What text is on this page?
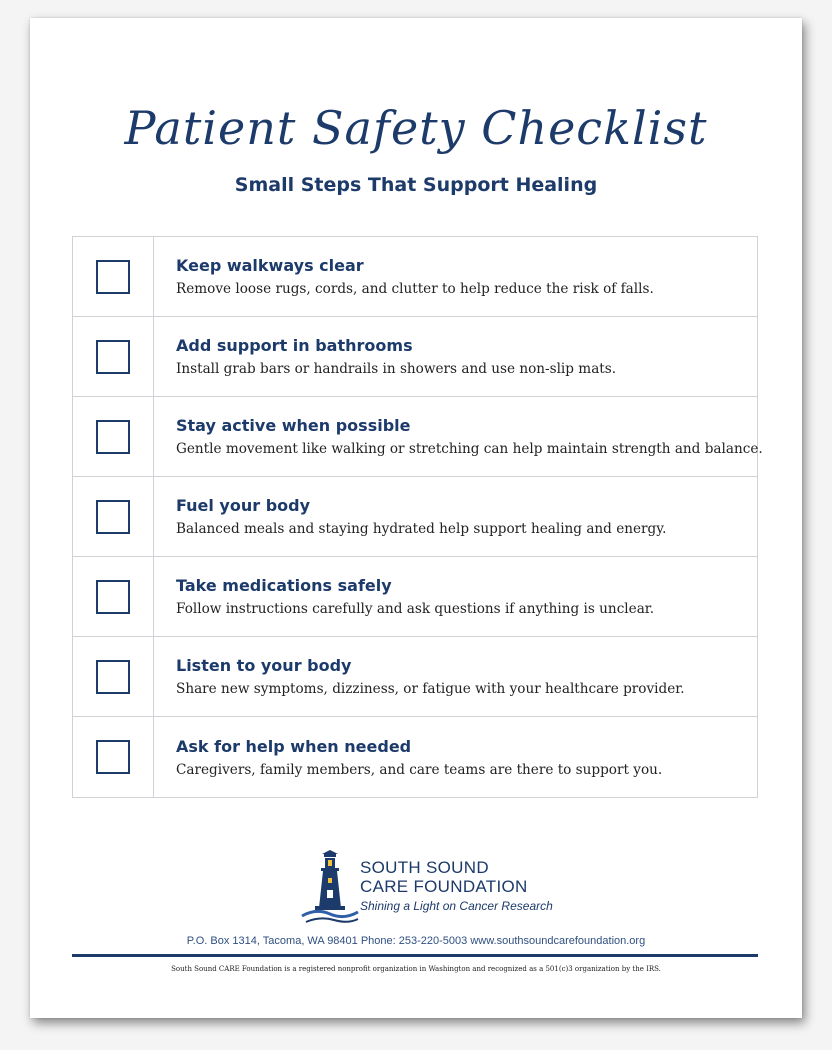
Patient Safety Checklist
Small Steps That Support Healing
Keep walkways clear
Remove loose rugs, cords, and clutter to help reduce the risk of falls.
Add support in bathrooms
Install grab bars or handrails in showers and use non-slip mats.
Stay active when possible
Gentle movement like walking or stretching can help maintain strength and balance.
Fuel your body
Balanced meals and staying hydrated help support healing and energy.
Take medications safely
Follow instructions carefully and ask questions if anything is unclear.
Listen to your body
Share new symptoms, dizziness, or fatigue with your healthcare provider.
Ask for help when needed
Caregivers, family members, and care teams are there to support you.
SOUTH SOUND
CARE FOUNDATION
Shining a Light on Cancer Research
P.O. Box 1314, Tacoma, WA 98401 Phone: 253-220-5003 www.southsoundcarefoundation.org
South Sound CARE Foundation is a registered nonprofit organization in Washington and recognized as a 501(c)3 organization by the IRS.
